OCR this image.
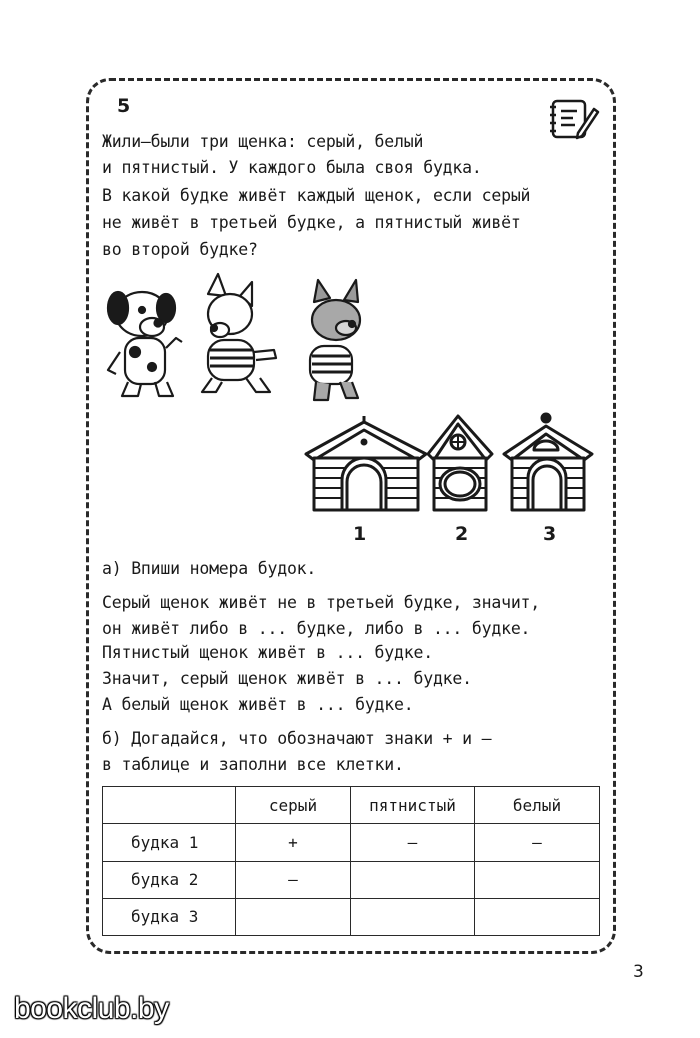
5
Жили–были три щенка: серый, белый
и пятнистый. У каждого была своя будка.
В какой будке живёт каждый щенок, если серый
не живёт в третьей будке, а пятнистый живёт
во второй будке?
1	2	3
а) Впиши номера будок.
Серый щенок живёт не в третьей будке, значит,
он живёт либо в ... будке, либо в ... будке.
Пятнистый щенок живёт в ... будке.
Значит, серый щенок живёт в ... будке.
А белый щенок живёт в ... будке.
б) Догадайся, что обозначают знаки + и –
в таблице и заполни все клетки.
	серый	пятнистый	белый
будка 1	+	–	–
будка 2	–		
будка 3			
3
bookclub.by
